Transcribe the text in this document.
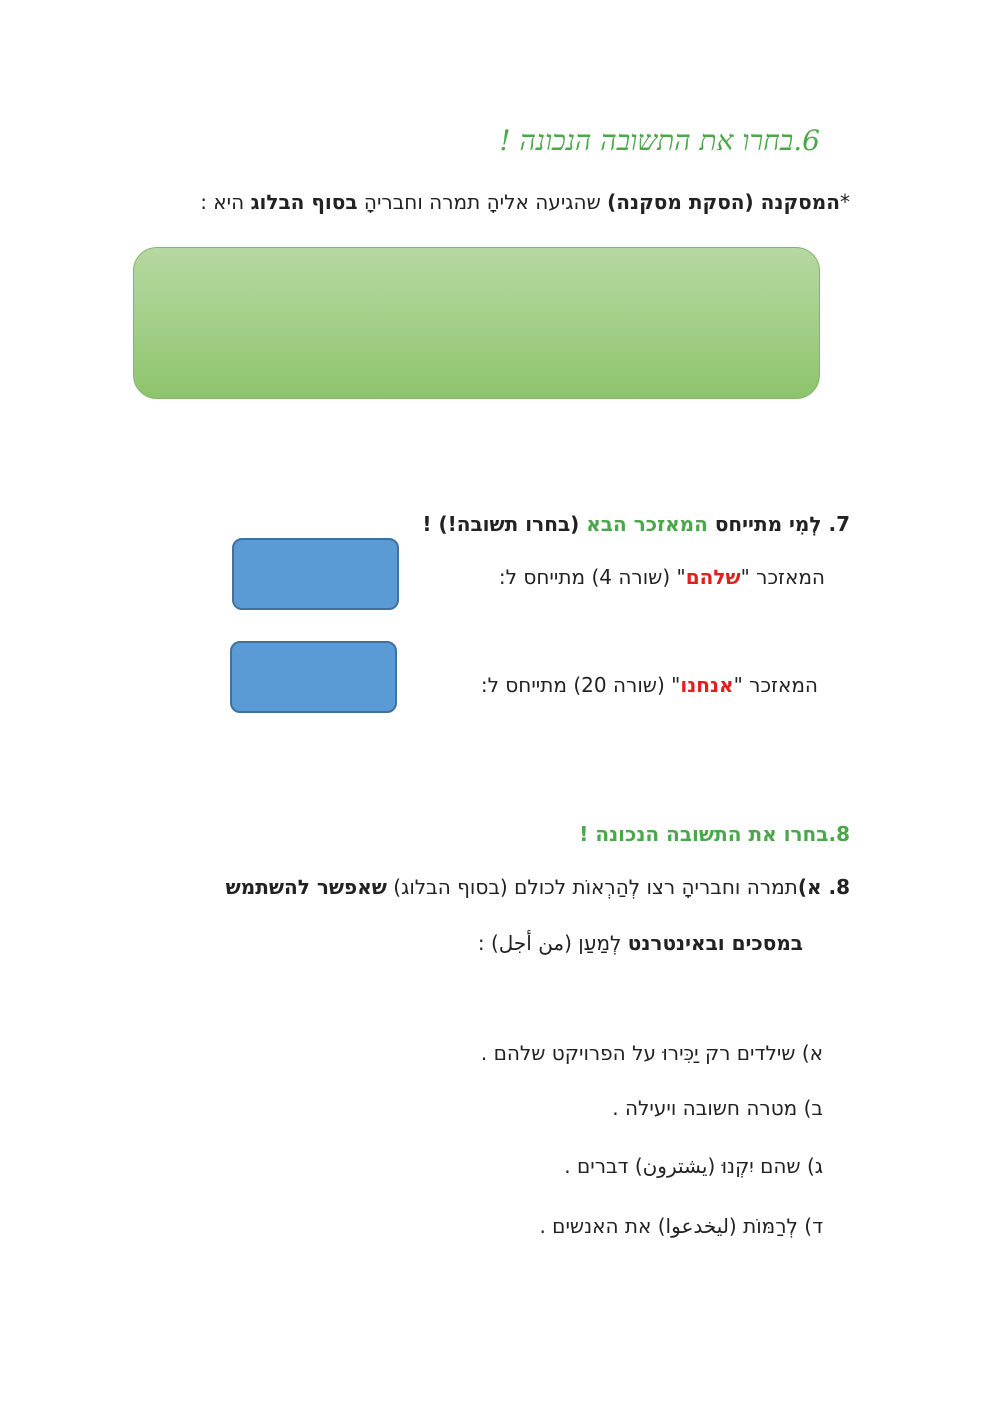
6.בחרו את התשובה הנכונה !
*המסקנה (הסקת מסקנה) שהגיעה אליהָ תמרה וחבריהָ בסוף הבלוג היא :
7. לְמִי מתייחס המאזכר הבא (בחרו תשובה!) !
המאזכר "שלהם" (שורה 4) מתייחס ל:
המאזכר "אנחנו" (שורה 20) מתייחס ל:
8.בחרו את התשובה הנכונה !
8. א)תמרה וחבריהָ רצו לְהַרְאוֹת לכולם (בסוף הבלוג) שאפשר להשתמש
במסכים ובאינטרנט לְמַעַן (من أجل) :
א) שילדים רק יַכִּירוּ על הפרויקט שלהם .
ב) מטרה חשובה ויעילה .
ג) שהם יִקְנוּ (يشترون) דברים .
ד) לְרַמּוֹת (ليخدعوا) את האנשים .
